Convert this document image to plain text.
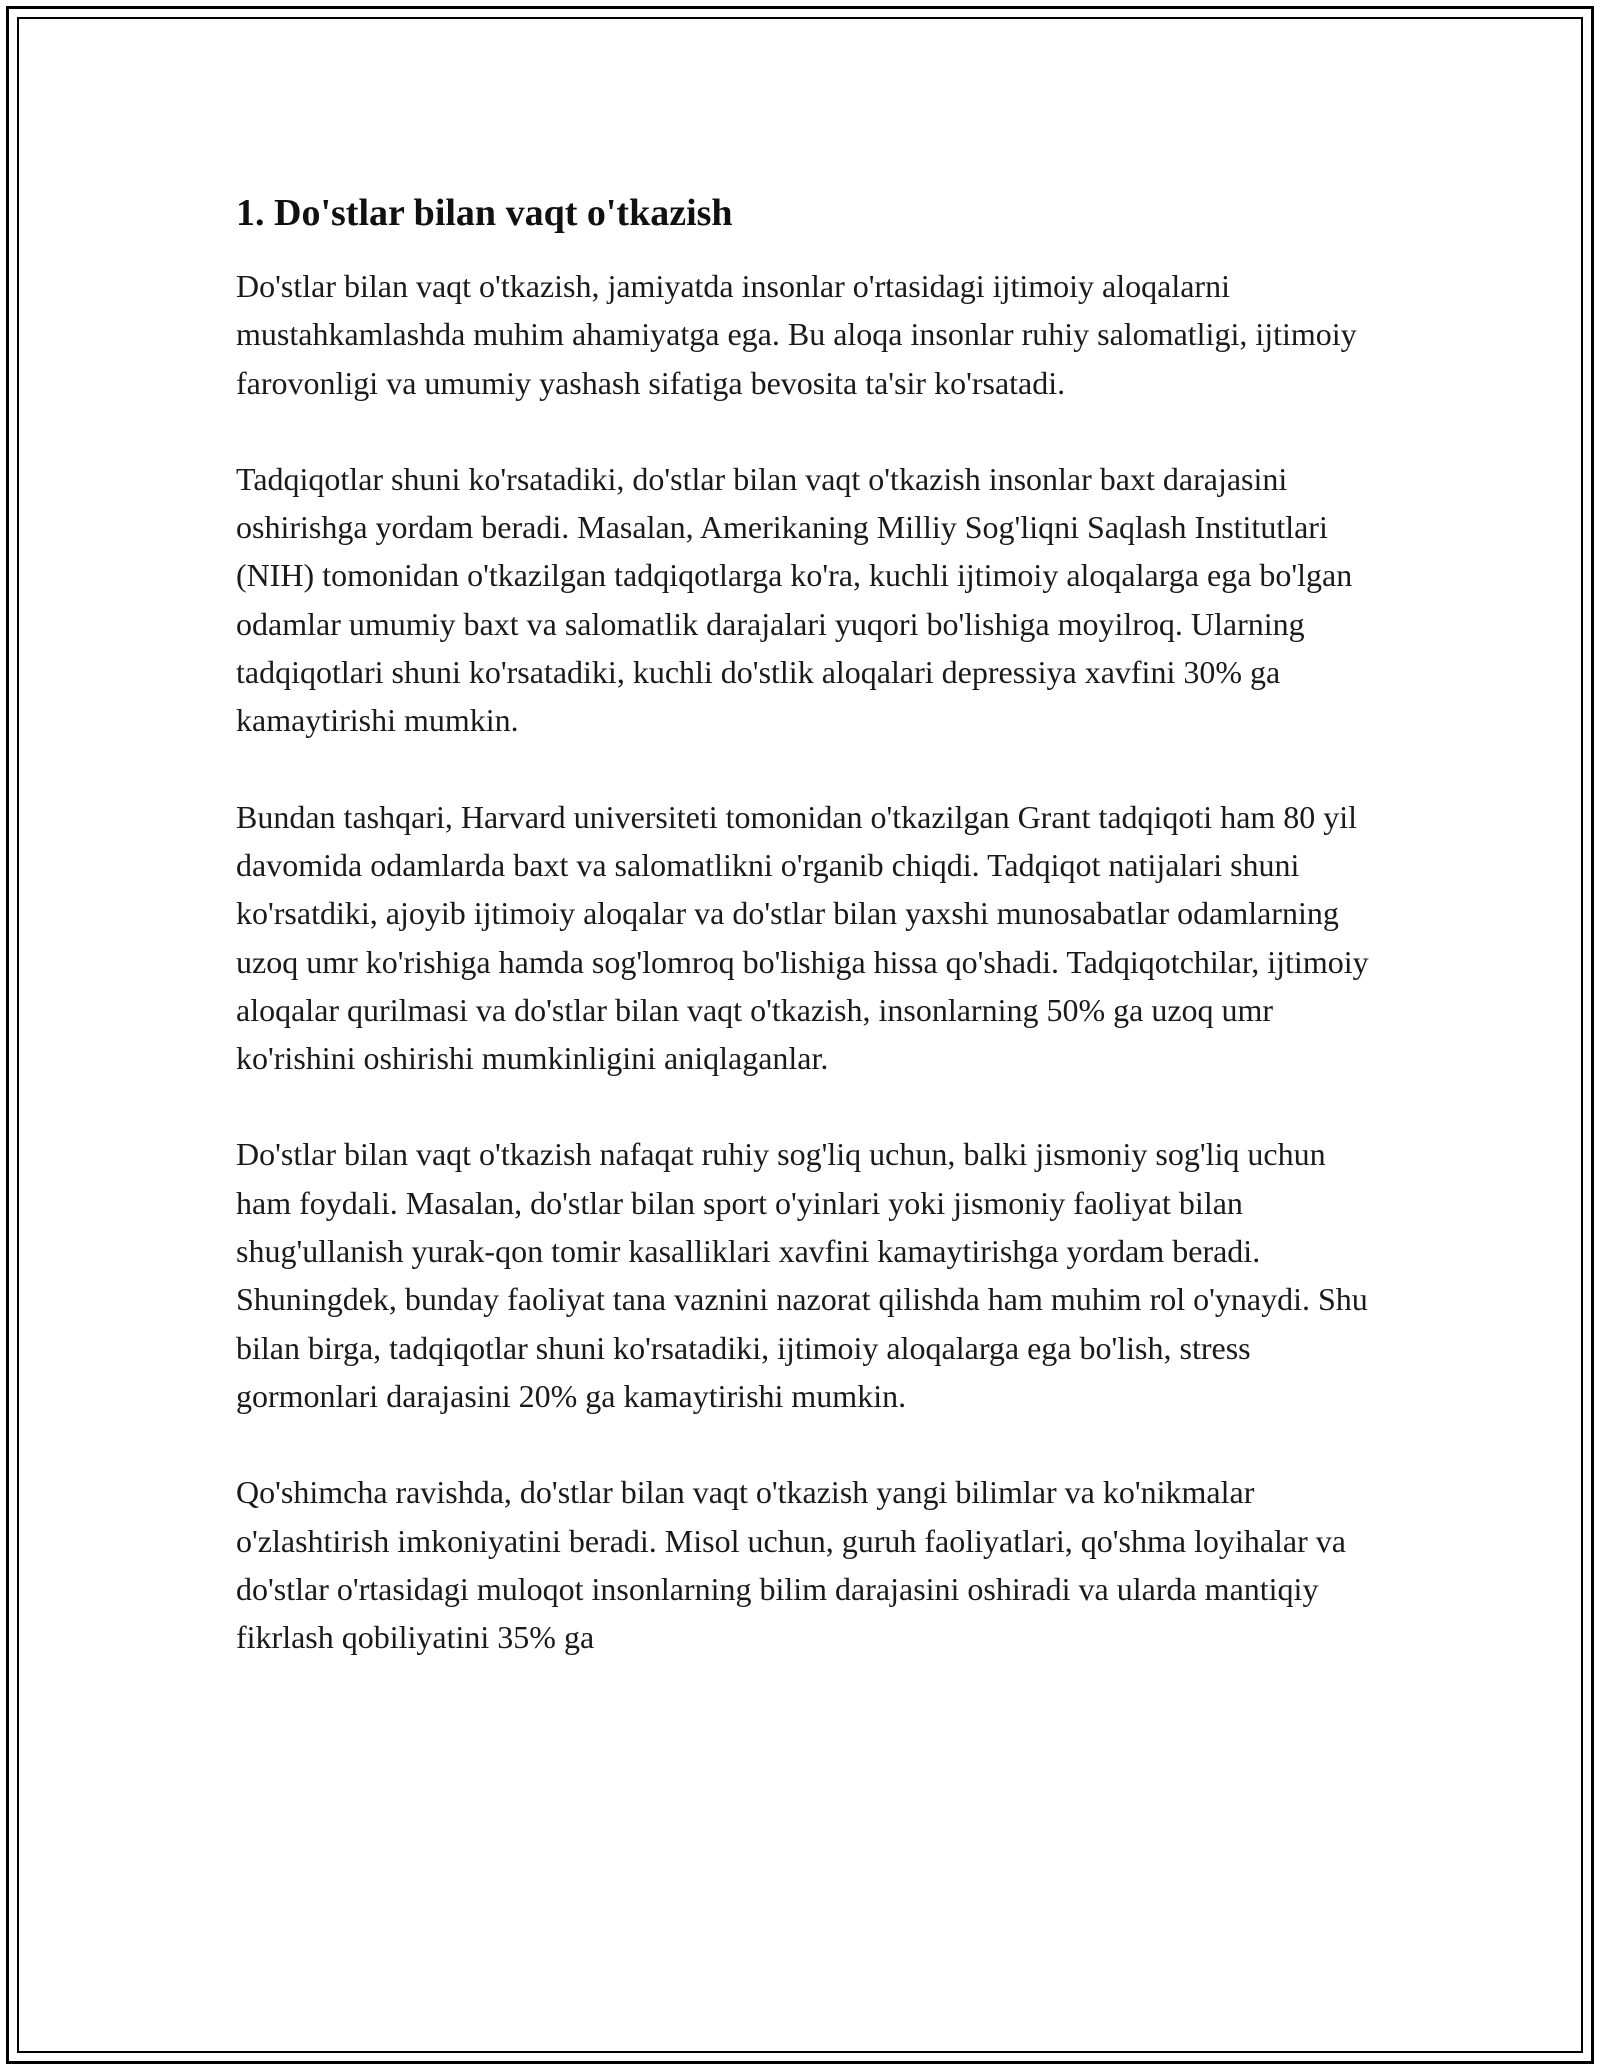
1. Do'stlar bilan vaqt o'tkazish

Do'stlar bilan vaqt o'tkazish, jamiyatda insonlar o'rtasidagi ijtimoiy aloqalarni mustahkamlashda muhim ahamiyatga ega. Bu aloqa insonlar ruhiy salomatligi, ijtimoiy farovonligi va umumiy yashash sifatiga bevosita ta'sir ko'rsatadi.

Tadqiqotlar shuni ko'rsatadiki, do'stlar bilan vaqt o'tkazish insonlar baxt darajasini oshirishga yordam beradi. Masalan, Amerikaning Milliy Sog'liqni Saqlash Institutlari (NIH) tomonidan o'tkazilgan tadqiqotlarga ko'ra, kuchli ijtimoiy aloqalarga ega bo'lgan odamlar umumiy baxt va salomatlik darajalari yuqori bo'lishiga moyilroq. Ularning tadqiqotlari shuni ko'rsatadiki, kuchli do'stlik aloqalari depressiya xavfini 30% ga kamaytirishi mumkin.

Bundan tashqari, Harvard universiteti tomonidan o'tkazilgan Grant tadqiqoti ham 80 yil davomida odamlarda baxt va salomatlikni o'rganib chiqdi. Tadqiqot natijalari shuni ko'rsatdiki, ajoyib ijtimoiy aloqalar va do'stlar bilan yaxshi munosabatlar odamlarning uzoq umr ko'rishiga hamda sog'lomroq bo'lishiga hissa qo'shadi. Tadqiqotchilar, ijtimoiy aloqalar qurilmasi va do'stlar bilan vaqt o'tkazish, insonlarning 50% ga uzoq umr ko'rishini oshirishi mumkinligini aniqlaganlar.

Do'stlar bilan vaqt o'tkazish nafaqat ruhiy sog'liq uchun, balki jismoniy sog'liq uchun ham foydali. Masalan, do'stlar bilan sport o'yinlari yoki jismoniy faoliyat bilan shug'ullanish yurak-qon tomir kasalliklari xavfini kamaytirishga yordam beradi. Shuningdek, bunday faoliyat tana vaznini nazorat qilishda ham muhim rol o'ynaydi. Shu bilan birga, tadqiqotlar shuni ko'rsatadiki, ijtimoiy aloqalarga ega bo'lish, stress gormonlari darajasini 20% ga kamaytirishi mumkin.

Qo'shimcha ravishda, do'stlar bilan vaqt o'tkazish yangi bilimlar va ko'nikmalar o'zlashtirish imkoniyatini beradi. Misol uchun, guruh faoliyatlari, qo'shma loyihalar va do'stlar o'rtasidagi muloqot insonlarning bilim darajasini oshiradi va ularda mantiqiy fikrlash qobiliyatini 35% ga
